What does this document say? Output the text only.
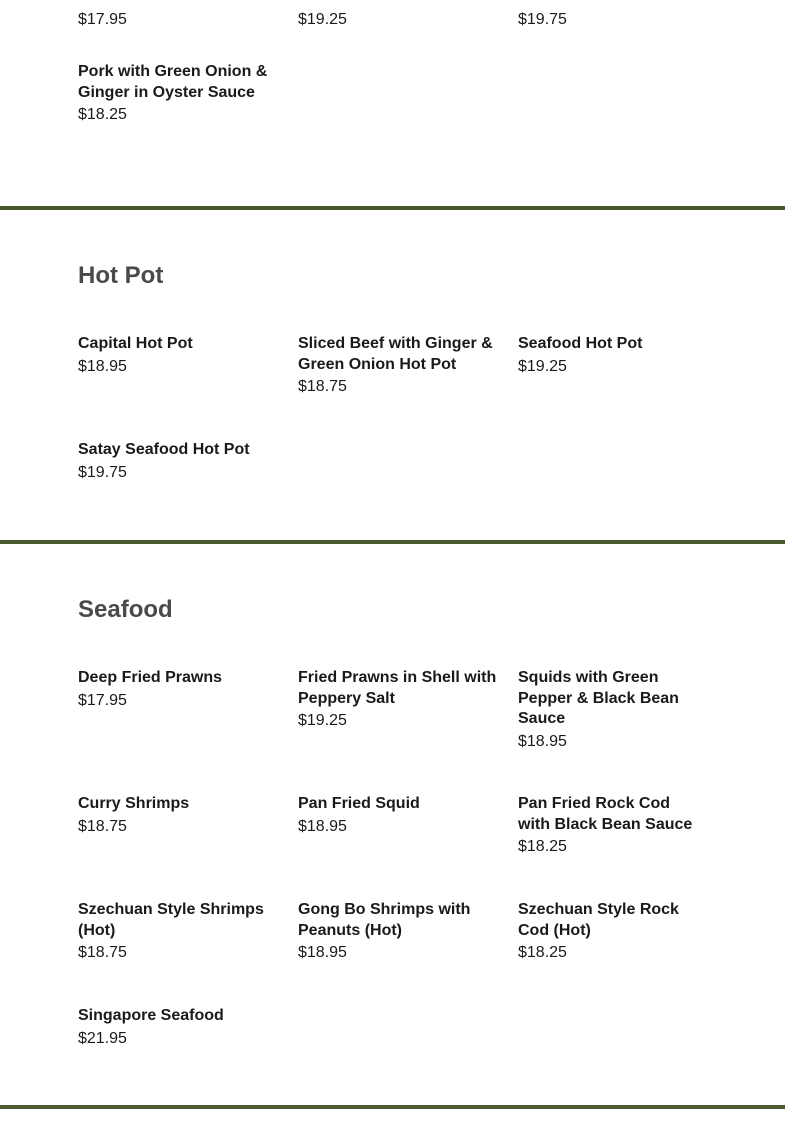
$17.95	$19.25	$19.75
Pork with Green Onion & Ginger in Oyster Sauce
$18.25
Hot Pot
Capital Hot Pot
$18.95
Sliced Beef with Ginger & Green Onion Hot Pot
$18.75
Seafood Hot Pot
$19.25
Satay Seafood Hot Pot
$19.75
Seafood
Deep Fried Prawns
$17.95
Fried Prawns in Shell with Peppery Salt
$19.25
Squids with Green Pepper & Black Bean Sauce
$18.95
Curry Shrimps
$18.75
Pan Fried Squid
$18.95
Pan Fried Rock Cod with Black Bean Sauce
$18.25
Szechuan Style Shrimps (Hot)
$18.75
Gong Bo Shrimps with Peanuts (Hot)
$18.95
Szechuan Style Rock Cod (Hot)
$18.25
Singapore Seafood
$21.95
